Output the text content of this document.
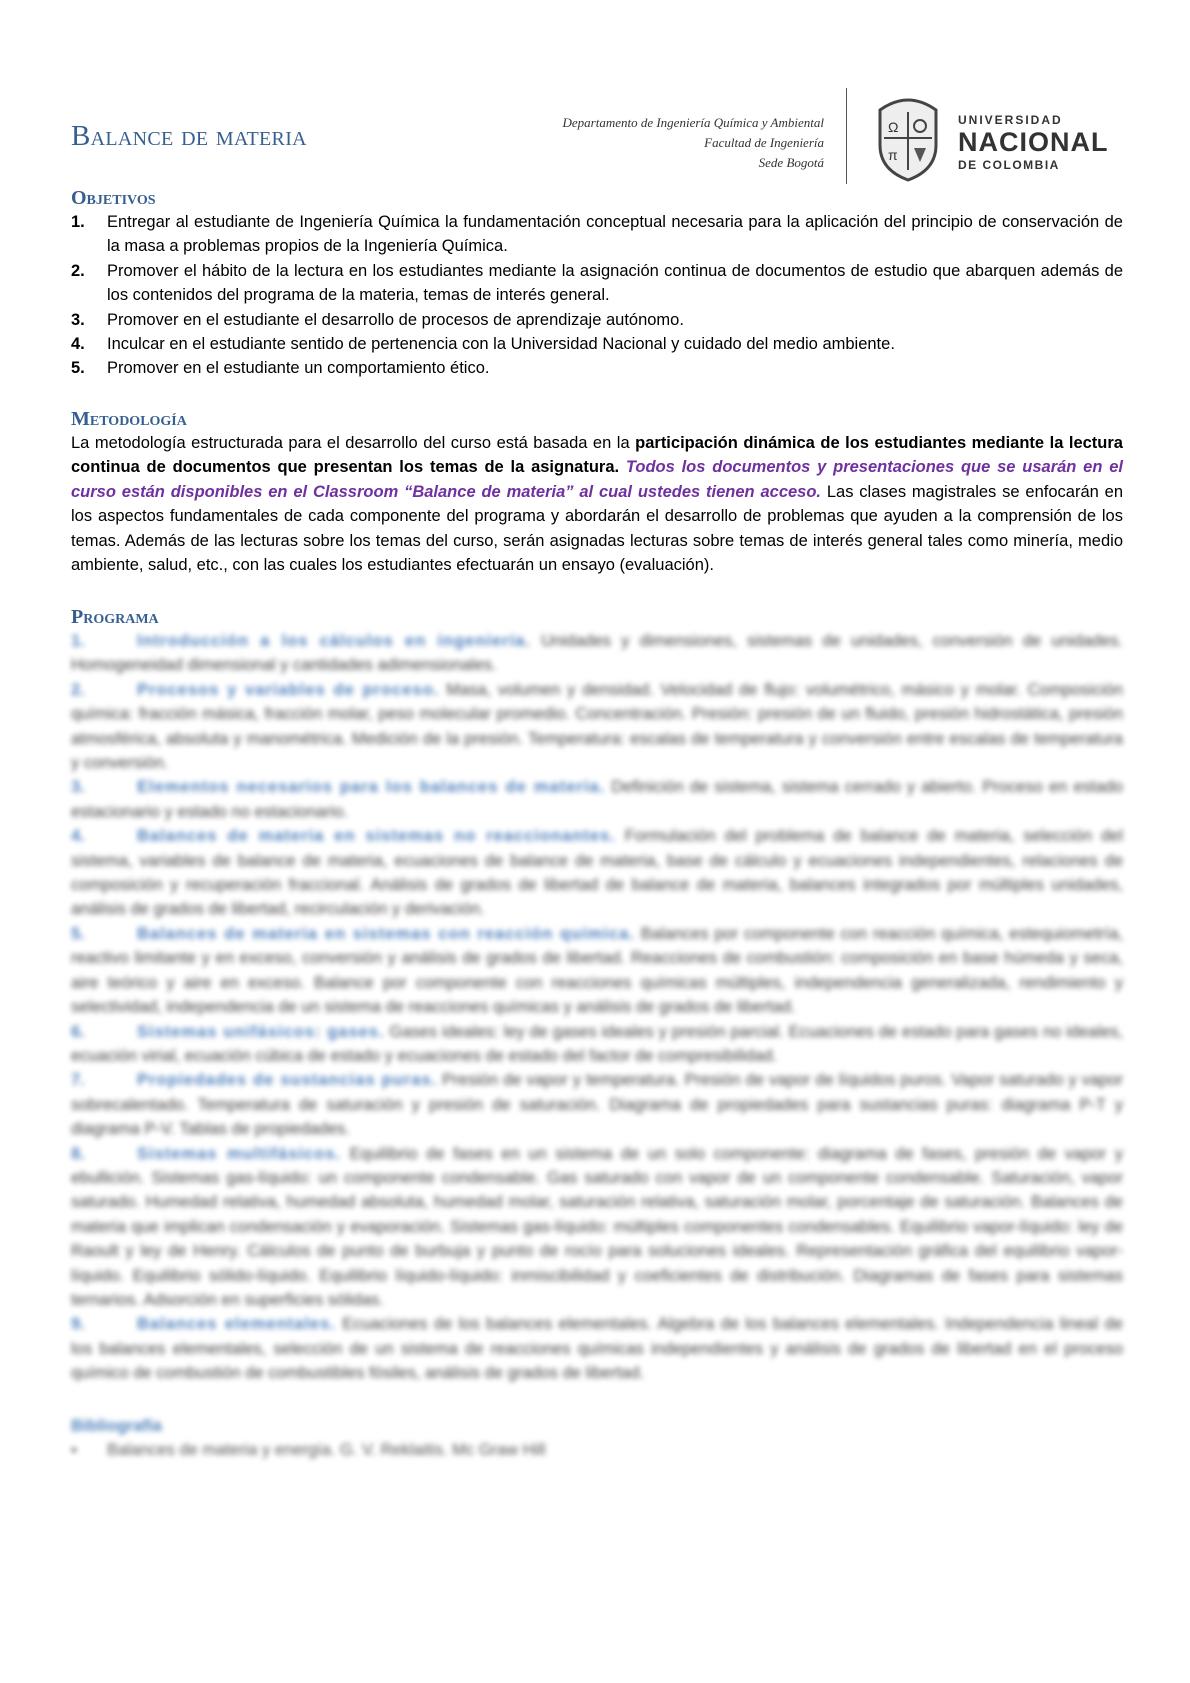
Balance de materia	Departamento de Ingeniería Química y Ambiental
Facultad de Ingeniería
Sede Bogotá
Ω
π
UNIVERSIDAD
NACIONAL
DE COLOMBIA
Objetivos
1.	Entregar al estudiante de Ingeniería Química la fundamentación conceptual necesaria para la aplicación del principio de conservación de la masa a problemas propios de la Ingeniería Química.
2.	Promover el hábito de la lectura en los estudiantes mediante la asignación continua de documentos de estudio que abarquen además de los contenidos del programa de la materia, temas de interés general.
3.	Promover en el estudiante el desarrollo de procesos de aprendizaje autónomo.
4.	Inculcar en el estudiante sentido de pertenencia con la Universidad Nacional y cuidado del medio ambiente.
5.	Promover en el estudiante un comportamiento ético.
Metodología

La metodología estructurada para el desarrollo del curso está basada en la participación dinámica de los estudiantes mediante la lectura continua de documentos que presentan los temas de la asignatura. Todos los documentos y presentaciones que se usarán en el curso están disponibles en el Classroom “Balance de materia” al cual ustedes tienen acceso. Las clases magistrales se enfocarán en los aspectos fundamentales de cada componente del programa y abordarán el desarrollo de problemas que ayuden a la comprensión de los temas. Además de las lecturas sobre los temas del curso, serán asignadas lecturas sobre temas de interés general tales como minería, medio ambiente, salud, etc., con las cuales los estudiantes efectuarán un ensayo (evaluación).

Programa
1.	Introducción a los cálculos en ingeniería. Unidades y dimensiones, sistemas de unidades, conversión de unidades. Homogeneidad dimensional y cantidades adimensionales.
2.	Procesos y variables de proceso. Masa, volumen y densidad. Velocidad de flujo: volumétrico, másico y molar. Composición química: fracción másica, fracción molar, peso molecular promedio. Concentración. Presión: presión de un fluido, presión hidrostática, presión atmosférica, absoluta y manométrica. Medición de la presión. Temperatura: escalas de temperatura y conversión entre escalas de temperatura y conversión.
3.	Elementos necesarios para los balances de materia. Definición de sistema, sistema cerrado y abierto. Proceso en estado estacionario y estado no estacionario.
4.	Balances de materia en sistemas no reaccionantes. Formulación del problema de balance de materia, selección del sistema, variables de balance de materia, ecuaciones de balance de materia, base de cálculo y ecuaciones independientes, relaciones de composición y recuperación fraccional. Análisis de grados de libertad de balance de materia, balances integrados por múltiples unidades, análisis de grados de libertad, recirculación y derivación.
5.	Balances de materia en sistemas con reacción química. Balances por componente con reacción química, estequiometría, reactivo limitante y en exceso, conversión y análisis de grados de libertad. Reacciones de combustión: composición en base húmeda y seca, aire teórico y aire en exceso. Balance por componente con reacciones químicas múltiples, independencia generalizada, rendimiento y selectividad, independencia de un sistema de reacciones químicas y análisis de grados de libertad.
6.	Sistemas unifásicos: gases. Gases ideales: ley de gases ideales y presión parcial. Ecuaciones de estado para gases no ideales, ecuación virial, ecuación cúbica de estado y ecuaciones de estado del factor de compresibilidad.
7.	Propiedades de sustancias puras. Presión de vapor y temperatura. Presión de vapor de líquidos puros. Vapor saturado y vapor sobrecalentado. Temperatura de saturación y presión de saturación. Diagrama de propiedades para sustancias puras: diagrama P-T y diagrama P-V. Tablas de propiedades.
8.	Sistemas multifásicos. Equilibrio de fases en un sistema de un solo componente: diagrama de fases, presión de vapor y ebullición. Sistemas gas-líquido: un componente condensable. Gas saturado con vapor de un componente condensable. Saturación, vapor saturado. Humedad relativa, humedad absoluta, humedad molar, saturación relativa, saturación molar, porcentaje de saturación. Balances de materia que implican condensación y evaporación. Sistemas gas-líquido: múltiples componentes condensables. Equilibrio vapor-líquido: ley de Raoult y ley de Henry. Cálculos de punto de burbuja y punto de rocío para soluciones ideales. Representación gráfica del equilibrio vapor-líquido. Equilibrio sólido-líquido. Equilibrio líquido-líquido: inmiscibilidad y coeficientes de distribución. Diagramas de fases para sistemas ternarios. Adsorción en superficies sólidas.
9.	Balances elementales. Ecuaciones de los balances elementales. Algebra de los balances elementales. Independencia lineal de los balances elementales, selección de un sistema de reacciones químicas independientes y análisis de grados de libertad en el proceso químico de combustión de combustibles fósiles, análisis de grados de libertad.
Bibliografía
▪	Balances de materia y energía. G. V. Reklaitis. Mc Graw Hill
